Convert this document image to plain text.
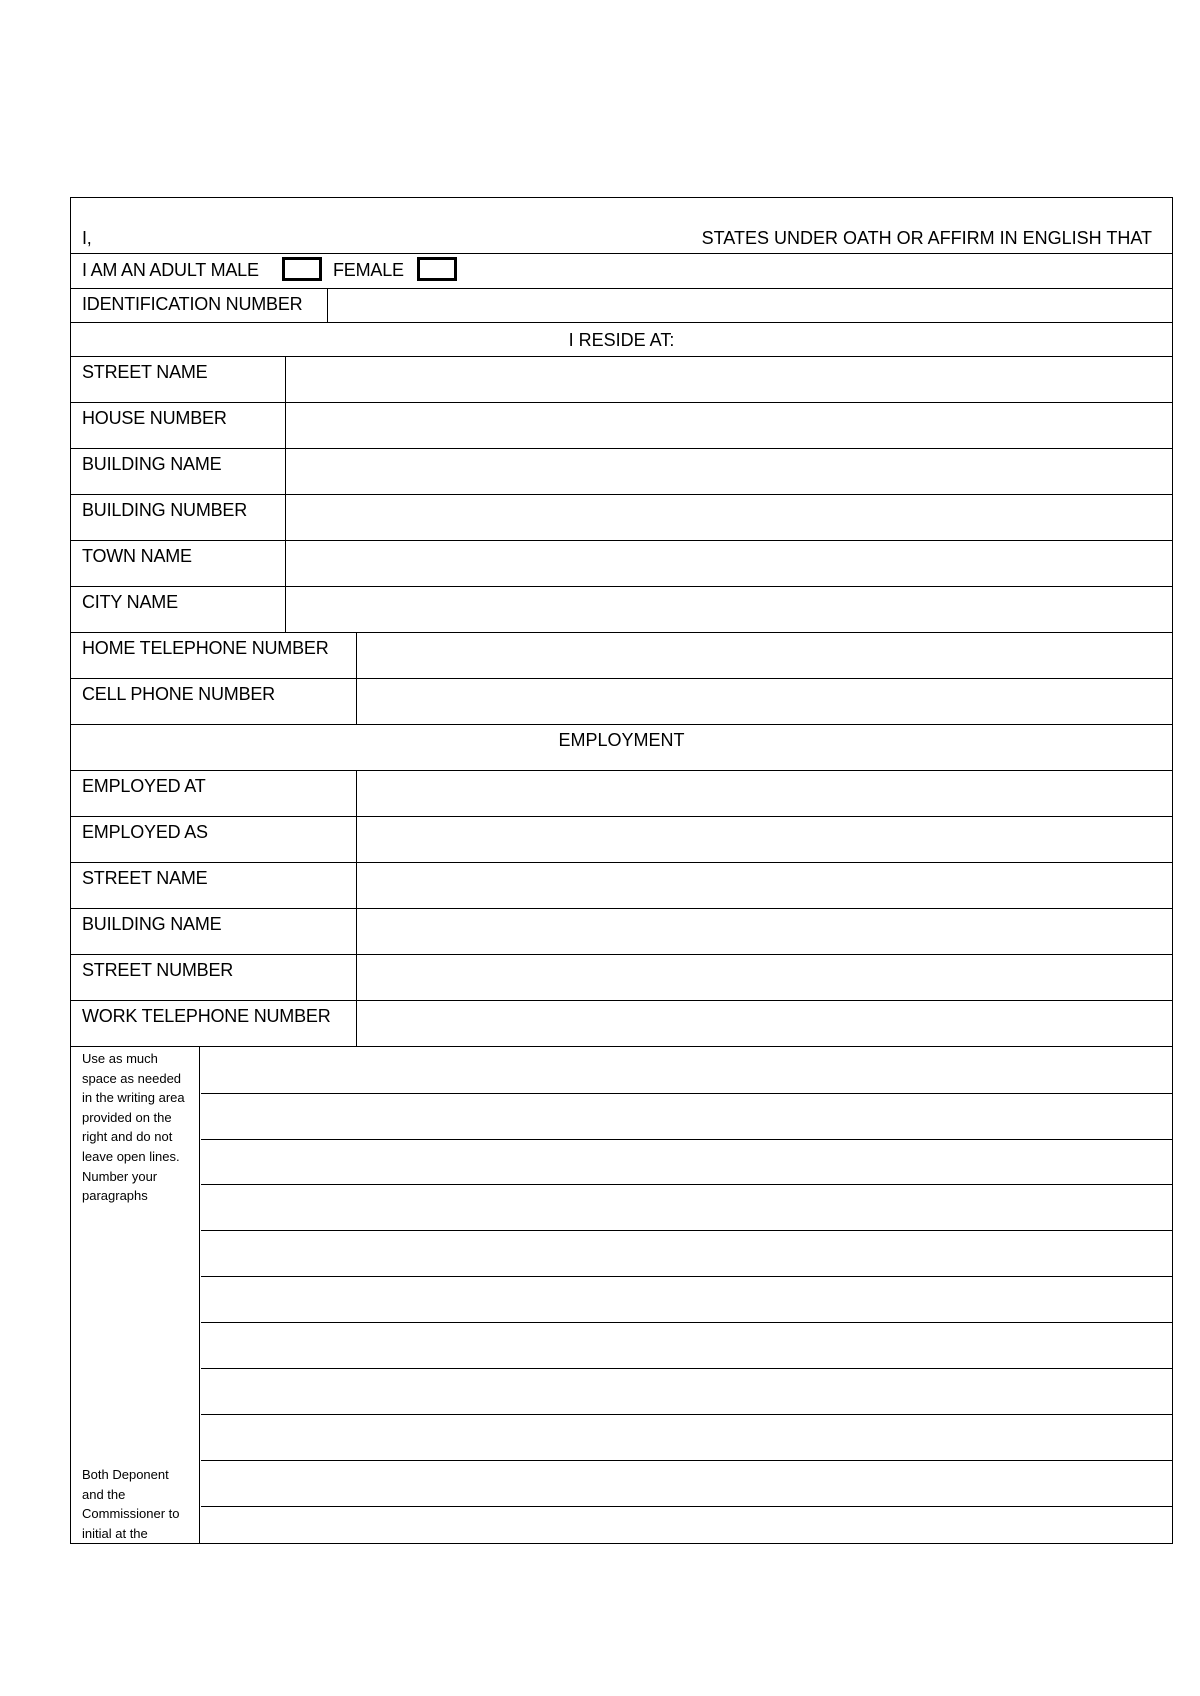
I,	STATES UNDER OATH OR AFFIRM IN ENGLISH THAT
I AM AN ADULT MALE	FEMALE
IDENTIFICATION NUMBER
I RESIDE AT:
STREET NAME
HOUSE NUMBER
BUILDING NAME
BUILDING NUMBER
TOWN NAME
CITY NAME
HOME TELEPHONE NUMBER
CELL PHONE NUMBER
EMPLOYMENT
EMPLOYED AT
EMPLOYED AS
STREET NAME
BUILDING NAME
STREET NUMBER
WORK TELEPHONE NUMBER
Use as much space as needed in the writing area provided on the right and do not leave open lines. Number your paragraphs
Both Deponent and the Commissioner to initial at the
